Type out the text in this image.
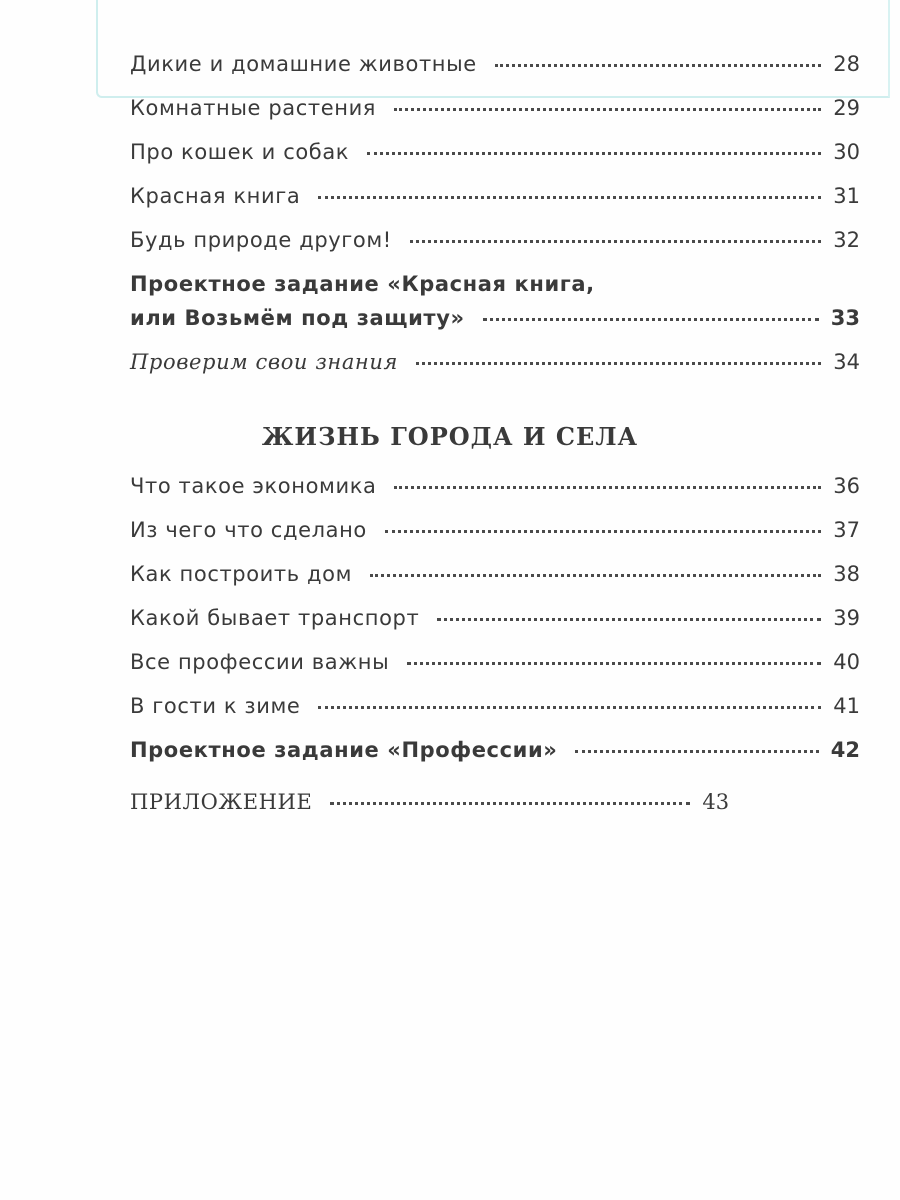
Дикие и домашние животные	28
Комнатные растения	29
Про кошек и собак	30
Красная книга	31
Будь природе другом!	32
Проектное задание «Красная книга,
или Возьмём под защиту»	33
Проверим свои знания	34
ЖИЗНЬ ГОРОДА И СЕЛА
Что такое экономика	36
Из чего что сделано	37
Как построить дом	38
Какой бывает транспорт	39
Все профессии важны	40
В гости к зиме	41
Проектное задание «Профессии»	42
ПРИЛОЖЕНИЕ	43
